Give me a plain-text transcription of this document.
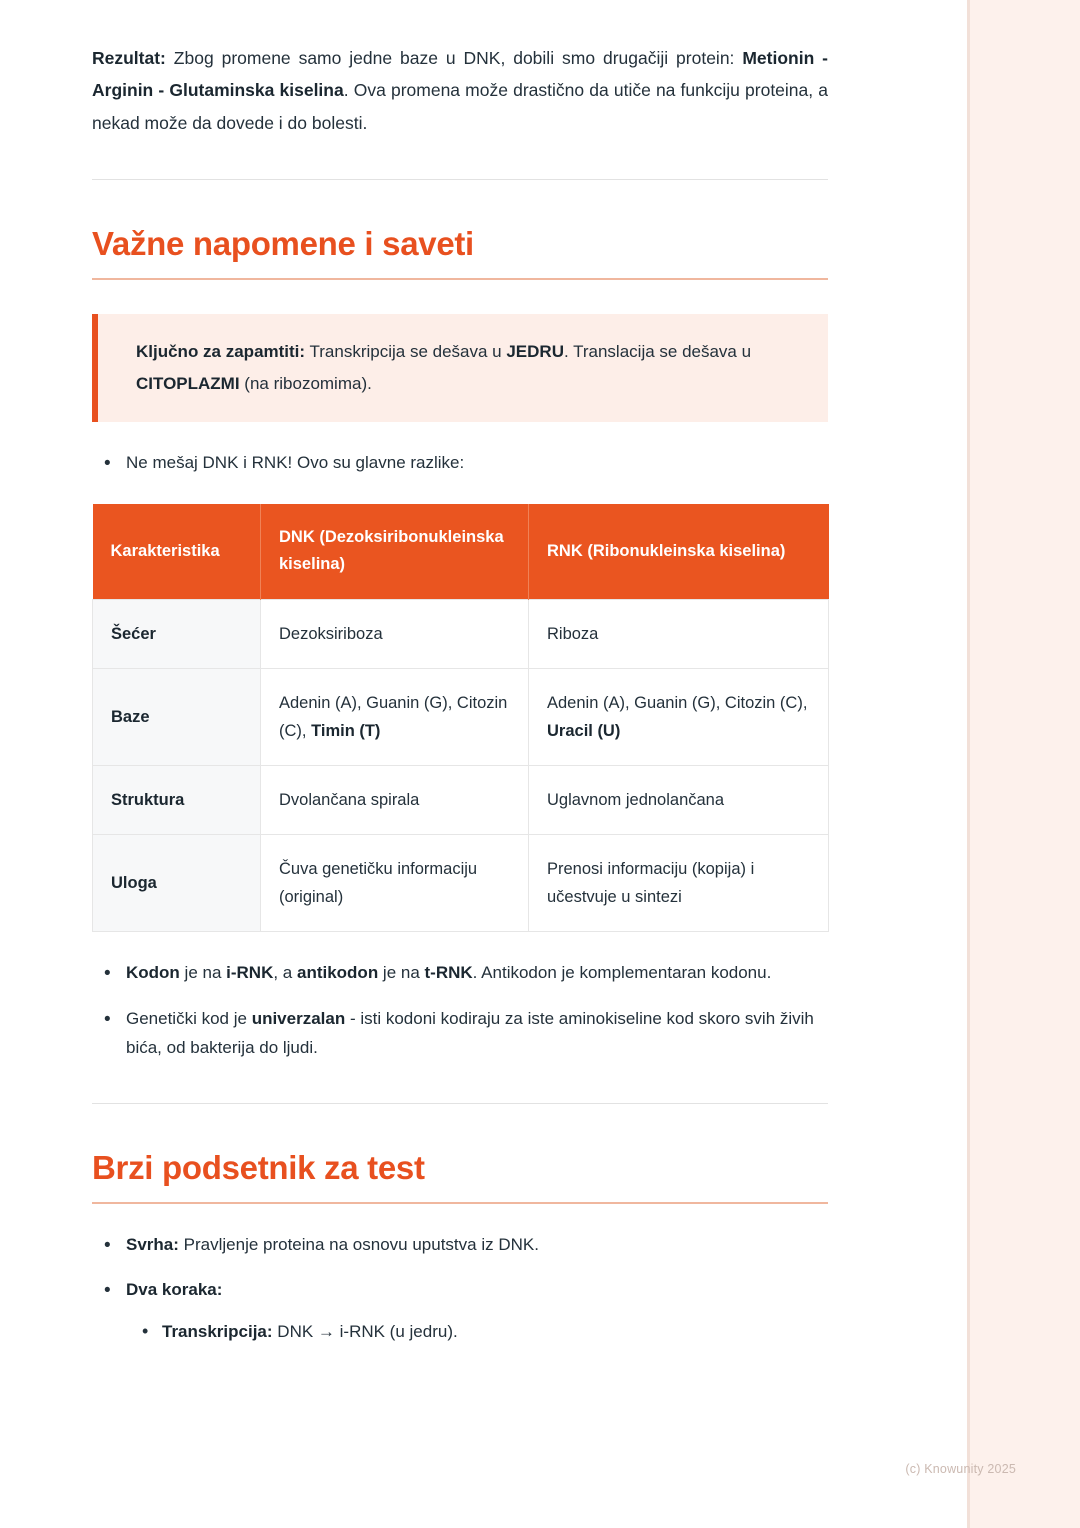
Rezultat: Zbog promene samo jedne baze u DNK, dobili smo drugačiji protein: Metionin - Arginin - Glutaminska kiselina. Ova promena može drastično da utiče na funkciju proteina, a nekad može da dovede i do bolesti.

Važne napomene i saveti
Ključno za zapamtiti: Transkripcija se dešava u JEDRU. Translacija se dešava u CITOPLAZMI (na ribozomima).
• Ne mešaj DNK i RNK! Ovo su glavne razlike:
Karakteristika	DNK (Dezoksiribonukleinska kiselina)	RNK (Ribonukleinska kiselina)
Šećer	Dezoksiriboza	Riboza
Baze	Adenin (A), Guanin (G), Citozin (C), Timin (T)	Adenin (A), Guanin (G), Citozin (C), Uracil (U)
Struktura	Dvolančana spirala	Uglavnom jednolančana
Uloga	Čuva genetičku informaciju (original)	Prenosi informaciju (kopija) i učestvuje u sintezi
• Kodon je na i-RNK, a antikodon je na t-RNK. Antikodon je komplementaran kodonu.
• Genetički kod je univerzalan - isti kodoni kodiraju za iste aminokiseline kod skoro svih živih bića, od bakterija do ljudi.
Brzi podsetnik za test
• Svrha: Pravljenje proteina na osnovu uputstva iz DNK.
• Dva koraka:
• Transkripcija: DNK → i-RNK (u jedru).
(c) Knowunity 2025
